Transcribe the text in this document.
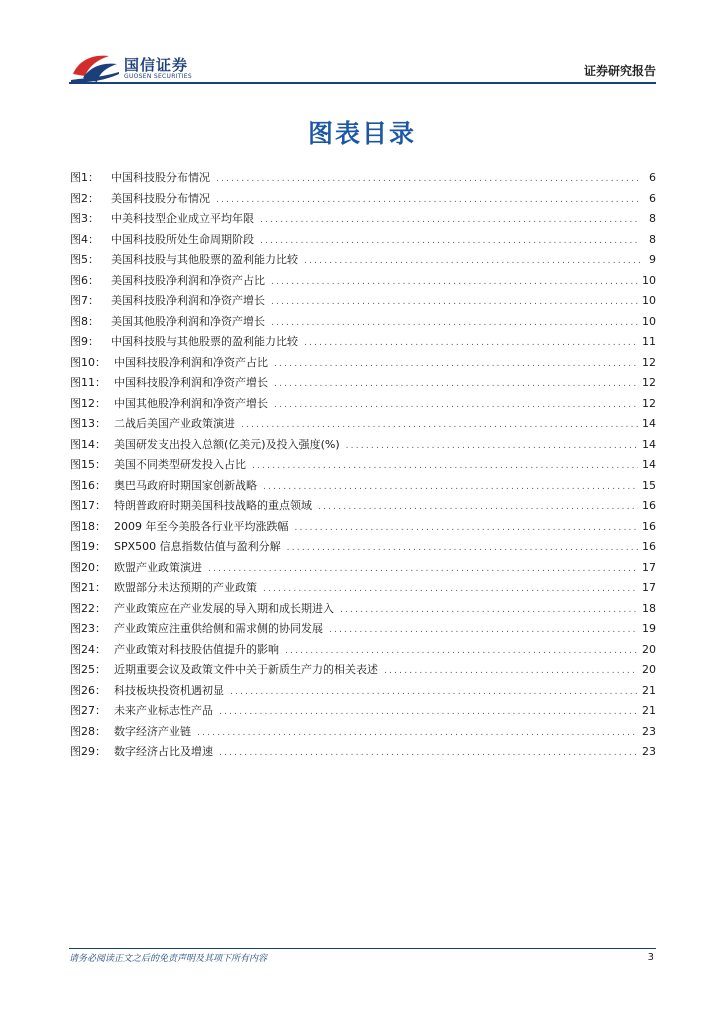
国信证券
GUOSEN SECURITIES	证券研究报告
图表目录
图1： 中国科技股分布情况 .....	6
图2： 美国科技股分布情况 .....	6
图3： 中美科技型企业成立平均年限 .....	8
图4： 中国科技股所处生命周期阶段 .....	8
图5： 美国科技股与其他股票的盈利能力比较 .....	9
图6： 美国科技股净利润和净资产占比 .....	10
图7： 美国科技股净利润和净资产增长 .....	10
图8： 美国其他股净利润和净资产增长 .....	10
图9： 中国科技股与其他股票的盈利能力比较 .....	11
图10： 中国科技股净利润和净资产占比 .....	12
图11： 中国科技股净利润和净资产增长 .....	12
图12： 中国其他股净利润和净资产增长 .....	12
图13： 二战后美国产业政策演进 .....	14
图14： 美国研发支出投入总额(亿美元)及投入强度(%) .....	14
图15： 美国不同类型研发投入占比 .....	14
图16： 奥巴马政府时期国家创新战略 .....	15
图17： 特朗普政府时期美国科技战略的重点领域 .....	16
图18： 2009 年至今美股各行业平均涨跌幅 .....	16
图19： SPX500 信息指数估值与盈利分解 .....	16
图20： 欧盟产业政策演进 .....	17
图21： 欧盟部分未达预期的产业政策 .....	17
图22： 产业政策应在产业发展的导入期和成长期进入 .....	18
图23： 产业政策应注重供给侧和需求侧的协同发展 .....	19
图24： 产业政策对科技股估值提升的影响 .....	20
图25： 近期重要会议及政策文件中关于新质生产力的相关表述 .....	20
图26： 科技板块投资机遇初显 .....	21
图27： 未来产业标志性产品 .....	21
图28： 数字经济产业链 .....	23
图29： 数字经济占比及增速 .....	23
请务必阅读正文之后的免责声明及其项下所有内容	3
